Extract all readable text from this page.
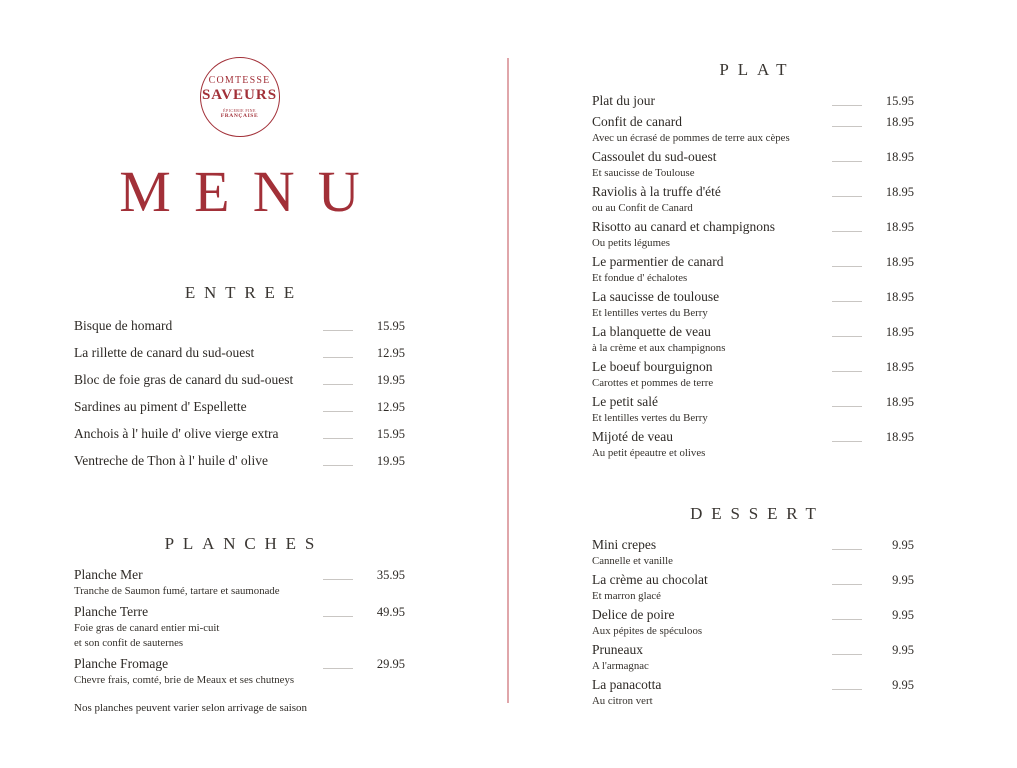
COMTESSE
SAVEURS
ÉPICERIE FINE
FRANÇAISE
MENU
ENTREE
Bisque de homard	15.95
La rillette de canard du sud-ouest	12.95
Bloc de foie gras de canard du sud-ouest	19.95
Sardines au piment d' Espellette	12.95
Anchois à l' huile d' olive vierge extra	15.95
Ventreche de Thon à l' huile d' olive	19.95
PLANCHES
Planche Mer	35.95
Tranche de Saumon fumé, tartare et saumonade
Planche Terre	49.95
Foie gras de canard entier mi-cuit
et son confit de sauternes
Planche Fromage	29.95
Chevre frais, comté, brie de Meaux et ses chutneys
Nos planches peuvent varier selon arrivage de saison
PLAT
Plat du jour	15.95
Confit de canard	18.95
Avec un écrasé de pommes de terre aux cèpes
Cassoulet du sud-ouest	18.95
Et saucisse de Toulouse
Raviolis à la truffe d'été	18.95
ou au Confit de Canard
Risotto au canard et champignons	18.95
Ou petits légumes
Le parmentier de canard	18.95
Et fondue d' échalotes
La saucisse de toulouse	18.95
Et lentilles vertes du Berry
La blanquette de veau	18.95
à la crème et aux champignons
Le boeuf bourguignon	18.95
Carottes et pommes de terre
Le petit salé	18.95
Et lentilles vertes du Berry
Mijoté de veau	18.95
Au petit épeautre et olives
DESSERT
Mini crepes	9.95
Cannelle et vanille
La crème au chocolat	9.95
Et marron glacé
Delice de poire	9.95
Aux pépites de spéculoos
Pruneaux	9.95
A l'armagnac
La panacotta	9.95
Au citron vert
